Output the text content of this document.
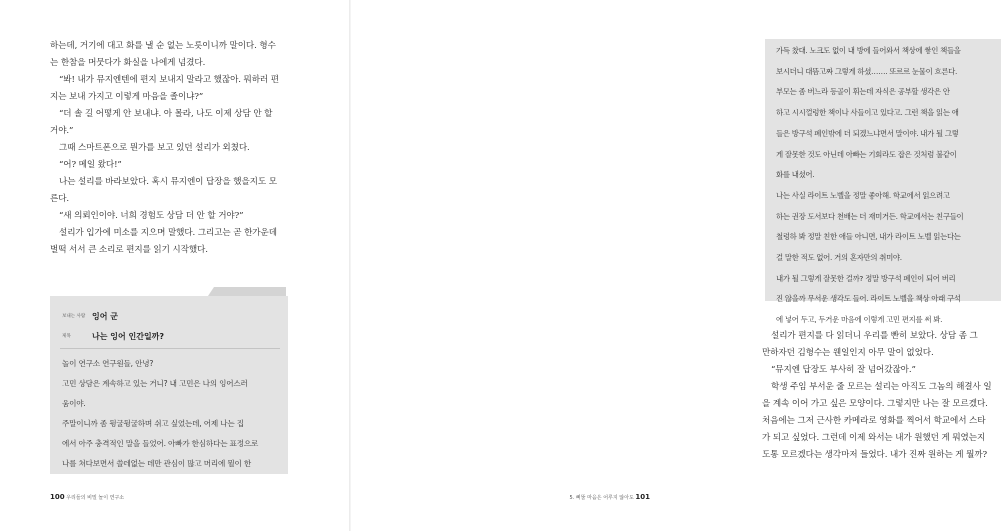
하는데, 거기에 대고 화를 낼 순 없는 노릇이니까 말이다. 형수

는 한참을 머뭇다가 화실을 나에게 넘겼다.

“봐! 내가 뮤지엔텐에 편지 보내지 말라고 했잖아. 뭐하러 편

지는 보내 가지고 이렇게 마음을 졸이냐?”

“더 솔 길 어떻게 안 보내냐. 아 몰라, 나도 이제 상담 안 할

거야.”

그때 스마트폰으로 뭔가를 보고 있던 설리가 외쳤다.

“어? 메일 왔다!”

나는 설리를 바라보았다. 혹시 뮤지엔이 답장을 했을지도 모

른다.

“새 의뢰인이야. 너희 경험도 상담 더 안 할 거야?”

설리가 입가에 미소를 지으며 말했다. 그리고는 곧 한가운데

벌떡 서서 큰 소리로 편지를 읽기 시작했다.

보내는 사람 잉어 군
제목	나는 잉어 인간일까?

놀이 연구소 연구원들, 안녕?

고민 상담은 계속하고 있는 거니? 내 고민은 나의 잉어스러

움이야.

주말이니까 좀 뒹굴뒹굴하며 쉬고 싶었는데, 어제 나는 집

에서 아주 충격적인 말을 들었어. 아빠가 한심하다는 표정으로

나를 쳐다보면서 쓸데없는 데만 관심이 많고 머리에 뭘이 한

100 우리들의 비밀 놀이 연구소

가득 찼대. 노크도 없이 내 방에 들어와서 책상에 쌓인 책들을

보시더니 대뜸고짜 그렇게 하셨……. 또르르 눈물이 흐른다.

부모는 좀 버느라 등골이 휘는데 자식은 공부할 생각은 안

하고 시시껄렁한 책이나 사들이고 있다고. 그런 책을 읽는 애

들은 방구석 폐인밖에 더 되겠느냐면서 말이야. 내가 될 그렇

게 잘못한 것도 아닌데 아빠는 기회라도 잡은 것처럼 불같이

화를 내셨어.

나는 사실 라이트 노벨을 정말 좋아해. 학교에서 읽으려고

하는 권장 도서보다 천배는 더 재미거든. 학교에서는 친구들이

철렁하 봐 정말 친한 애들 아니면, 내가 라이트 노벨 읽는다는

걸 말한 적도 없어. 거의 혼자만의 취미야.

내가 될 그렇게 잘못한 걸까? 정말 방구석 폐인이 되어 버리

진 않을까 무서운 생각도 들어. 라이트 노벨을 책상 아래 구석

에 넣어 두고, 두거운 마음에 이렇게 고민 편지를 써 봐.

설리가 편지를 다 읽더니 우리를 빤히 보았다. 상담 좀 그

만하자던 김형수는 웬일인지 아무 말이 없었다.

“뮤지엔 답장도 부사히 잘 넘어갔잖아.”

학생 주임 부서운 줄 모르는 설리는 아직도 그놈의 해결사 일

을 계속 이어 가고 싶은 모양이다. 그렇지만 나는 잘 모르겠다.

처음에는 그저 근사한 카메라로 영화를 찍어서 학교에서 스타

가 되고 싶었다. 그런데 이제 와서는 내가 원했던 게 뭐였는지

도통 모르겠다는 생각마저 들었다. 내가 진짜 원하는 게 뭘까?

5. 삐뚤 마음은 어루지 않아도 101
